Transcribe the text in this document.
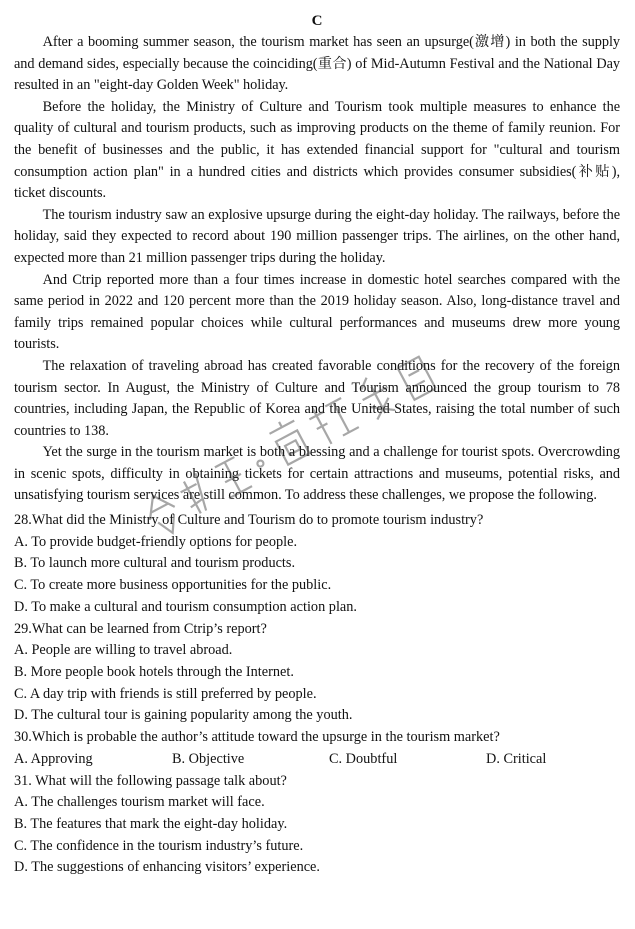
C

After a booming summer season, the tourism market has seen an upsurge(激增) in both the supply and demand sides, especially because the coinciding(重合) of Mid-Autumn Festival and the National Day resulted in an "eight-day Golden Week" holiday.

Before the holiday, the Ministry of Culture and Tourism took multiple measures to enhance the quality of cultural and tourism products, such as improving products on the theme of family reunion. For the benefit of businesses and the public, it has extended financial support for "cultural and tourism consumption action plan" in a hundred cities and districts which provides consumer subsidies(补贴), ticket discounts.

The tourism industry saw an explosive upsurge during the eight-day holiday. The railways, before the holiday, said they expected to record about 190 million passenger trips. The airlines, on the other hand, expected more than 21 million passenger trips during the holiday.

And Ctrip reported more than a four times increase in domestic hotel searches compared with the same period in 2022 and 120 percent more than the 2019 holiday season. Also, long-distance travel and family trips remained popular choices while cultural performances and museums drew more young tourists.

The relaxation of traveling abroad has created favorable conditions for the recovery of the foreign tourism sector. In August, the Ministry of Culture and Tourism announced the group tourism to 78 countries, including Japan, the Republic of Korea and the United States, raising the total number of such countries to 138.

Yet the surge in the tourism market is both a blessing and a challenge for tourist spots. Overcrowding in scenic spots, difficulty in obtaining tickets for certain attractions and museums, potential risks, and unsatisfying tourism services are still common. To address these challenges, we propose the following.

28.What did the Ministry of Culture and Tourism do to promote tourism industry?

A. To provide budget-friendly options for people.

B. To launch more cultural and tourism products.

C. To create more business opportunities for the public.

D. To make a cultural and tourism consumption action plan.

29.What can be learned from Ctrip’s report?

A. People are willing to travel abroad.

B. More people book hotels through the Internet.

C. A day trip with friends is still preferred by people.

D. The cultural tour is gaining popularity among the youth.

30.Which is probable the author’s attitude toward the upsurge in the tourism market?

A. Approving	B. Objective	C. Doubtful	D. Critical

31. What will the following passage talk about?

A. The challenges tourism market will face.

B. The features that mark the eight-day holiday.

C. The confidence in the tourism industry’s future.

D. The suggestions of enhancing visitors’ experience.
